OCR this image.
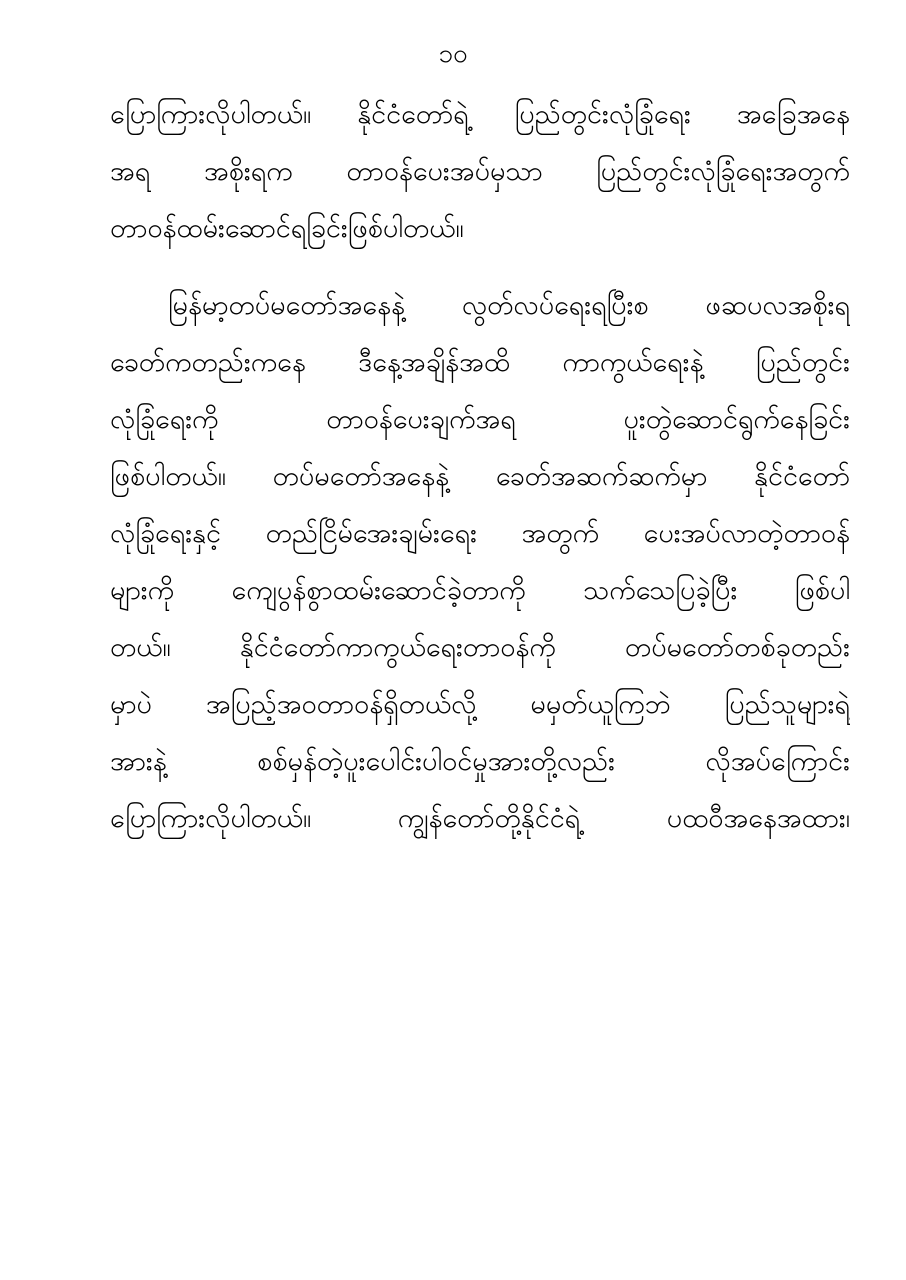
၁၀
ပြောကြားလိုပါတယ်။ နိုင်ငံတော်ရဲ့ ပြည်တွင်းလုံခြုံရေး အခြေအနေ
အရ အစိုးရက တာဝန်ပေးအပ်မှသာ ပြည်တွင်းလုံခြုံရေးအတွက်
တာဝန်ထမ်းဆောင်ရခြင်းဖြစ်ပါတယ်။
မြန်မာ့တပ်မတော်အနေနဲ့ လွတ်လပ်ရေးရပြီးစ ဖဆပလအစိုးရ
ခေတ်ကတည်းကနေ ဒီနေ့အချိန်အထိ ကာကွယ်ရေးနဲ့ ပြည်တွင်း
လုံခြုံရေးကို	တာဝန်ပေးချက်အရ	ပူးတွဲဆောင်ရွက်နေခြင်း
ဖြစ်ပါတယ်။ တပ်မတော်အနေနဲ့ ခေတ်အဆက်ဆက်မှာ နိုင်ငံတော်
လုံခြုံရေးနှင့် တည်ငြိမ်အေးချမ်းရေး အတွက် ပေးအပ်လာတဲ့တာဝန်
များကို ကျေပွန်စွာထမ်းဆောင်ခဲ့တာကို သက်သေပြခဲ့ပြီး ဖြစ်ပါ
တယ်။	နိုင်ငံတော်ကာကွယ်ရေးတာဝန်ကို	တပ်မတော်တစ်ခုတည်း
မှာပဲ အပြည့်အဝတာဝန်ရှိတယ်လို့ မမှတ်ယူကြဘဲ ပြည်သူများရဲ့
အားနဲ့	စစ်မှန်တဲ့ပူးပေါင်းပါဝင်မှုအားတို့လည်း	လိုအပ်ကြောင်း
ပြောကြားလိုပါတယ်။	ကျွန်တော်တို့နိုင်ငံရဲ့	ပထဝီအနေအထား၊
